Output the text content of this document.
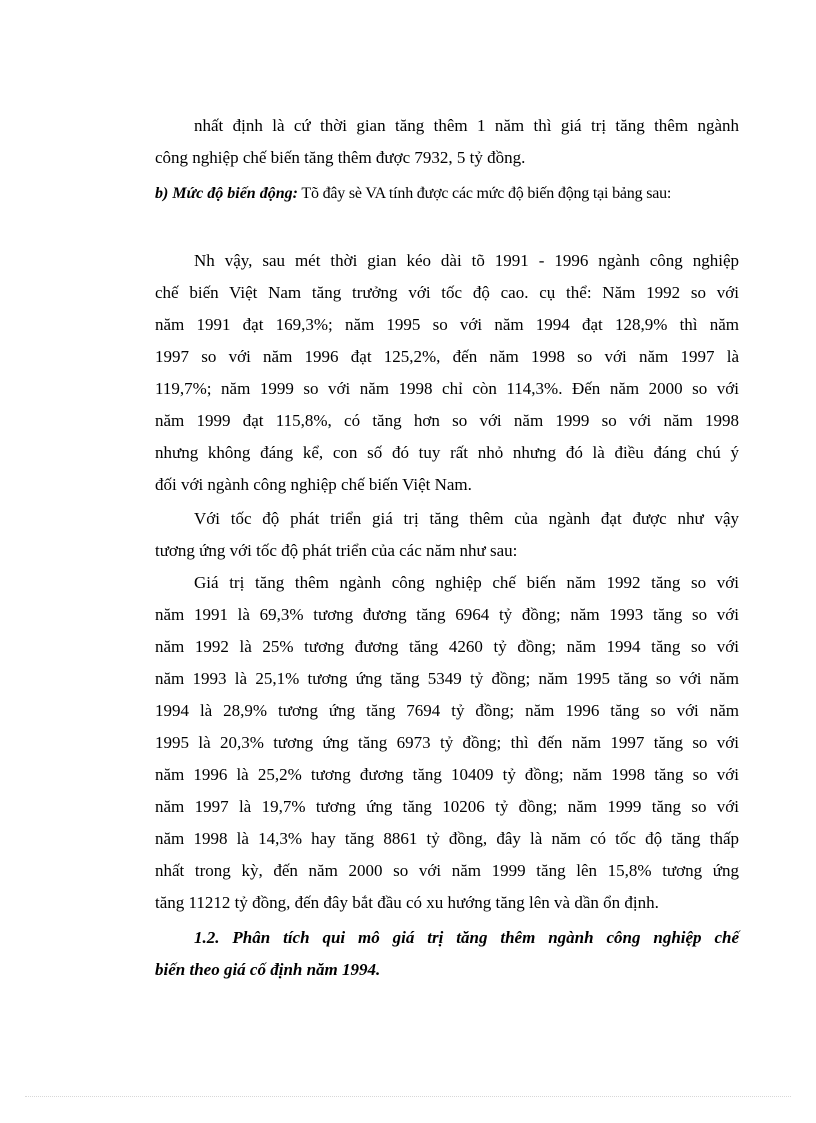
nhất định là cứ thời gian tăng thêm 1 năm thì giá trị tăng thêm ngành
công nghiệp chế biến tăng thêm được 7932, 5 tỷ đồng.
b) Mức độ biến động: Tõ đây sè VA tính được các mức độ biến động tại bảng sau:
Nh vậy, sau mét thời gian kéo dài tõ 1991 - 1996 ngành công nghiệp
chế biến Việt Nam tăng trưởng với tốc độ cao. cụ thể: Năm 1992 so với
năm 1991 đạt 169,3%; năm 1995 so với năm 1994 đạt 128,9% thì năm
1997 so với năm 1996 đạt 125,2%, đến năm 1998 so với năm 1997 là
119,7%; năm 1999 so với năm 1998 chỉ còn 114,3%. Đến năm 2000 so với
năm 1999 đạt 115,8%, có tăng hơn so với năm 1999 so với năm 1998
nhưng không đáng kể, con số đó tuy rất nhỏ nhưng đó là điều đáng chú ý
đối với ngành công nghiệp chế biến Việt Nam.
Với tốc độ phát triển giá trị tăng thêm của ngành đạt được như vậy
tương ứng với tốc độ phát triển của các năm như sau:
Giá trị tăng thêm ngành công nghiệp chế biến năm 1992 tăng so với
năm 1991 là 69,3% tương đương tăng 6964 tỷ đồng; năm 1993 tăng so với
năm 1992 là 25% tương đương tăng 4260 tỷ đồng; năm 1994 tăng so với
năm 1993 là 25,1% tương ứng tăng 5349 tỷ đồng; năm 1995 tăng so với năm
1994 là 28,9% tương ứng tăng 7694 tỷ đồng; năm 1996 tăng so với năm
1995 là 20,3% tương ứng tăng 6973 tỷ đồng; thì đến năm 1997 tăng so với
năm 1996 là 25,2% tương đương tăng 10409 tỷ đồng; năm 1998 tăng so với
năm 1997 là 19,7% tương ứng tăng 10206 tỷ đồng; năm 1999 tăng so với
năm 1998 là 14,3% hay tăng 8861 tỷ đồng, đây là năm có tốc độ tăng thấp
nhất trong kỳ, đến năm 2000 so với năm 1999 tăng lên 15,8% tương ứng
tăng 11212 tỷ đồng, đến đây bắt đầu có xu hướng tăng lên và dần ổn định.
1.2. Phân tích qui mô giá trị tăng thêm ngành công nghiệp chế
biến theo giá cố định năm 1994.
